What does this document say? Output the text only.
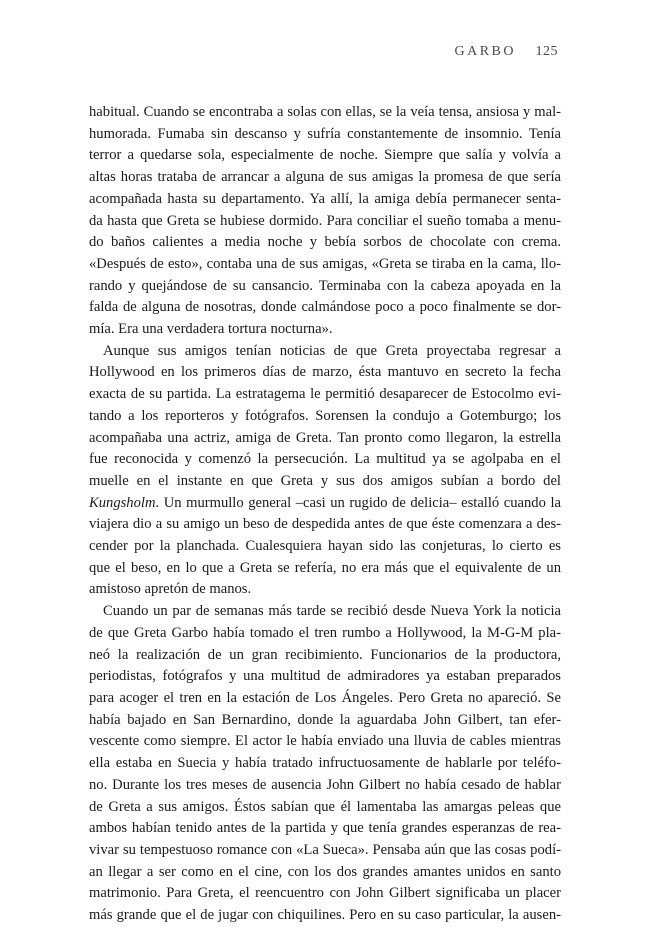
GARBO 125
habitual. Cuando se encontraba a solas con ellas, se la veía tensa, ansiosa y mal-
humorada. Fumaba sin descanso y sufría constantemente de insomnio. Tenía
terror a quedarse sola, especialmente de noche. Siempre que salía y volvía a
altas horas trataba de arrancar a alguna de sus amigas la promesa de que sería
acompañada hasta su departamento. Ya allí, la amiga debía permanecer senta-
da hasta que Greta se hubiese dormido. Para conciliar el sueño tomaba a menu-
do baños calientes a media noche y bebía sorbos de chocolate con crema.
«Después de esto», contaba una de sus amigas, «Greta se tiraba en la cama, llo-
rando y quejándose de su cansancio. Terminaba con la cabeza apoyada en la
falda de alguna de nosotras, donde calmándose poco a poco finalmente se dor-
mía. Era una verdadera tortura nocturna».
Aunque sus amigos tenían noticias de que Greta proyectaba regresar a
Hollywood en los primeros días de marzo, ésta mantuvo en secreto la fecha
exacta de su partida. La estratagema le permitió desaparecer de Estocolmo evi-
tando a los reporteros y fotógrafos. Sorensen la condujo a Gotemburgo; los
acompañaba una actriz, amiga de Greta. Tan pronto como llegaron, la estrella
fue reconocida y comenzó la persecución. La multitud ya se agolpaba en el
muelle en el instante en que Greta y sus dos amigos subían a bordo del
Kungsholm. Un murmullo general –casi un rugido de delicia– estalló cuando la
viajera dio a su amigo un beso de despedida antes de que éste comenzara a des-
cender por la planchada. Cualesquiera hayan sido las conjeturas, lo cierto es
que el beso, en lo que a Greta se refería, no era más que el equivalente de un
amistoso apretón de manos.
Cuando un par de semanas más tarde se recibió desde Nueva York la noticia
de que Greta Garbo había tomado el tren rumbo a Hollywood, la M-G-M pla-
neó la realización de un gran recibimiento. Funcionarios de la productora,
periodistas, fotógrafos y una multitud de admiradores ya estaban preparados
para acoger el tren en la estación de Los Ángeles. Pero Greta no apareció. Se
había bajado en San Bernardino, donde la aguardaba John Gilbert, tan efer-
vescente como siempre. El actor le había enviado una lluvia de cables mientras
ella estaba en Suecia y había tratado infructuosamente de hablarle por teléfo-
no. Durante los tres meses de ausencia John Gilbert no había cesado de hablar
de Greta a sus amigos. Éstos sabían que él lamentaba las amargas peleas que
ambos habían tenido antes de la partida y que tenía grandes esperanzas de rea-
vivar su tempestuoso romance con «La Sueca». Pensaba aún que las cosas podí-
an llegar a ser como en el cine, con los dos grandes amantes unidos en santo
matrimonio. Para Greta, el reencuentro con John Gilbert significaba un placer
más grande que el de jugar con chiquilines. Pero en su caso particular, la ausen-
